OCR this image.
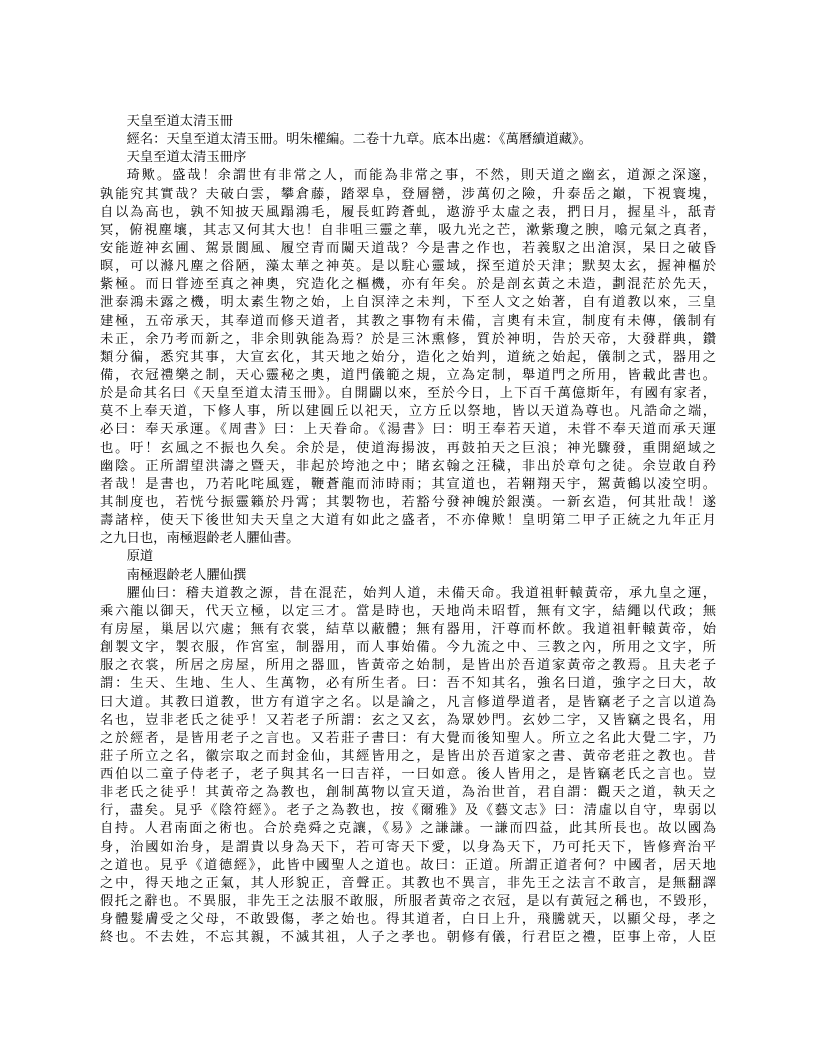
天皇至道太清玉冊
經名：天皇至道太清玉冊。明朱權編。二卷十九章。底本出處：《萬曆續道藏》。
天皇至道太清玉冊序
琦歟。盛哉！余謂世有非常之人，而能為非常之事，不然，則天道之幽玄，道源之深邃，
孰能究其實哉？夫破白雲，攀倉藤，踏翠阜，登層巒，涉萬仞之險，升泰岳之巔，下視寰塊，
自以為高也，孰不知披天風蹋鴻毛，履長虹跨蒼虬，遨游乎太虛之表，捫日月，握星斗，舐青
冥，俯視塵壤，其志又何其大也！自非咀三靈之華，吸九光之芒，漱紫瓊之腴，噏元氣之真者，
安能遊神玄圃、駕景閬風、履空青而闚天道哉？今是書之作也，若義馭之出滄溟，杲日之破昏
暝，可以滌凡塵之俗陋，藻太華之神英。是以駐心靈域，探至道於天津；默契太玄，握神樞於
紫極。而日甞迹至真之神奧，究造化之樞機，亦有年矣。於是剖玄黃之未造，劃混茫於先天，
泄泰鴻未露之機，明太素生物之始，上自溟涬之未判，下至人文之始著，自有道教以來，三皇
建極，五帝承天，其奉道而修天道者，其教之事物有未備，言奧有未宣，制度有未傳，儀制有
未正，余乃考而新之，非余則孰能為焉？於是三沐熏修，質於神明，告於天帝，大發群典，鑽
類分徧，悉究其事，大宣玄化，其天地之始分，造化之始判，道統之始起，儀制之式，器用之
備，衣冠禮樂之制，天心靈秘之奧，道門儀範之規，立為定制，舉道門之所用，皆載此書也。
於是命其名曰《天皇至道太清玉冊》。自開闢以來，至於今日，上下百千萬億斯年，有國有家者，
莫不上奉天道，下修人事，所以建圓丘以祀天，立方丘以祭地，皆以天道為尊也。凡誥命之端，
必曰：奉天承運。《周書》曰：上天眷命。《湯書》曰：明王奉若天道，未甞不奉天道而承天運
也。吁！玄風之不振也久矣。余於是，使道海揚波，再鼓拍天之巨浪；神光驟發，重開絕域之
幽陰。正所謂望洪濤之暨天，非起於垮池之中；睹玄翰之汪穢，非出於章句之徒。余豈敢自矜
者哉！是書也，乃若叱咤風霆，鞭蒼龍而沛時雨；其宣道也，若翱翔天宇，駕黃鶴以凌空明。
其制度也，若恍兮振靈籟於丹霄；其製物也，若豁兮發神魄於銀漢。一新玄造，何其壯哉！遂
壽諸梓，使天下後世知夫天皇之大道有如此之盛者，不亦偉歟！皇明第二甲子正統之九年正月
之九日也，南極遐齡老人臞仙書。
原道
南極遐齡老人臞仙撰
臞仙曰：稽夫道教之源，昔在混茫，始判人道，未備天命。我道祖軒轅黃帝，承九皇之運，
乘六龍以御天，代天立極，以定三才。當是時也，天地尚未昭晢，無有文字，結繩以代政；無
有房屋，巢居以穴處；無有衣裳，結草以蔽體；無有器用，汗尊而杯飲。我道祖軒轅黃帝，始
創製文字，製衣服，作宮室，制器用，而人事始備。今九流之中、三教之內，所用之文字，所
服之衣裳，所居之房屋，所用之器皿，皆黃帝之始制，是皆出於吾道家黃帝之教焉。且夫老子
謂：生天、生地、生人、生萬物，必有所生者。曰：吾不知其名，強名曰道，強字之曰大，故
曰大道。其教曰道教，世方有道字之名。以是論之，凡言修道學道者，是皆竊老子之言以道為
名也，豈非老氏之徒乎！又若老子所謂：玄之又玄，為眾妙門。玄妙二字，又皆竊之畏名，用
之於經者，是皆用老子之言也。又若莊子書曰：有大覺而後知聖人。所立之名此大覺二字，乃
莊子所立之名，徽宗取之而封金仙，其經皆用之，是皆出於吾道家之書、黃帝老莊之教也。昔
西伯以二童子侍老子，老子與其名一曰吉祥，一曰如意。後人皆用之，是皆竊老氏之言也。豈
非老氏之徒乎！其黃帝之為教也，創制萬物以宣天道，為治世首，君自謂：觀天之道，執天之
行，盡矣。見乎《陰符經》。老子之為教也，按《爾雅》及《藝文志》曰：清虛以自守，卑弱以
自持。人君南面之術也。合於堯舜之克讓，《易》之謙謙。一謙而四益，此其所長也。故以國為
身，治國如治身，是謂貴以身為天下，若可寄天下愛，以身為天下，乃可托天下，皆修齊治平
之道也。見乎《道德經》，此皆中國聖人之道也。故曰：正道。所謂正道者何？中國者，居天地
之中，得天地之正氣，其人形貌正，音聲正。其教也不異言，非先王之法言不敢言，是無翻譯
假托之辭也。不異服，非先王之法服不敢服，所服者黃帝之衣冠，是以有黃冠之稱也，不毀形，
身體髮膚受之父母，不敢毀傷，孝之始也。得其道者，白日上升，飛騰就天，以顯父母，孝之
終也。不去姓，不忘其親，不滅其祖，人子之孝也。朝修有儀，行君臣之禮，臣事上帝，人臣
